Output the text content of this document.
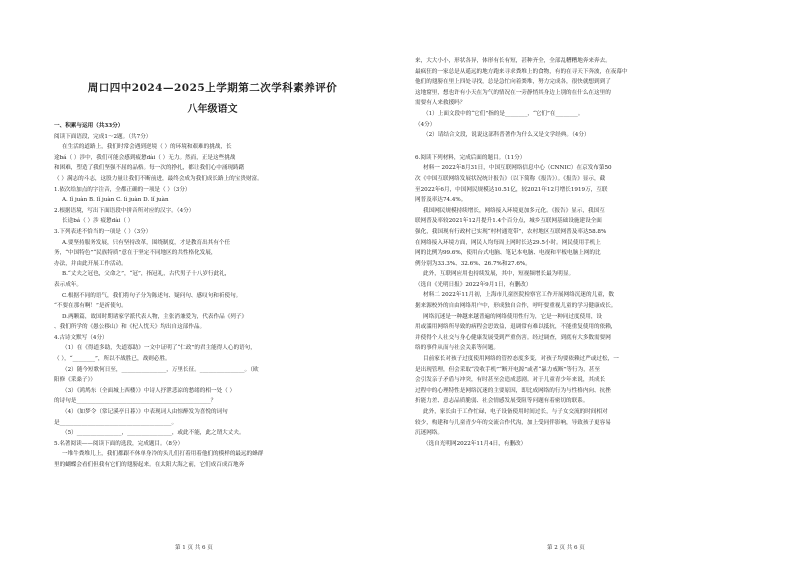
周口四中2024—2025上学期第二次学科素养评价
八年级语文
一、积累与运用（共33分）
阅读下面语段，完成1～2题。（共7分）
在生活的道路上，我们时常会遇到逆境（ ）的环境和艰难的挑战，长
途bá（ ）涉中，我们可能会感到疲惫dài（ ）无力。然而，正是这些挑战
和困难，塑造了我们坚强不屈的品格。每一次的挣扎，都让我们心中涌现踌躇
（ ）满志的斗志，这股力量让我们不断前进，最终会成为我们成长路上的宝贵财富。
1.依次给加点的字注音，全都正确的一项是（ ）（3分）
A. lǐ juàn B. lǐ juàn C. lì juàn D. lǐ juàn
2.根据语境，写出下面语段中拼音所对应的汉字。（4分）
长途bá（ ）涉 疲惫dài（ ）
3.下列表述不恰当的一项是（ ）（3分）
A.要坚持服务发展，只有坚持改革，围绕制度，才是教育出其有个任
务，“中国特色”“民族特质”意在于坚定不同地区的共性格化发展，
办法，并由此开展工作活动。
B.“丈夫之冠也，父命之”，“冠”，指冠礼，古代男子十八岁行此礼，
表示成年。
C.根据不同的语气，我们将句子分为陈述句、疑问句、感叹句和祈使句。
“不要在那有啊！”是祈使句。
D.两颗篇，故国时期诸家学派代表人物，主张消兼爱为，代表作品《列子》
、我们所学的《愚公移山》和《杞人忧天》均出自这部作品。
4.古诗文默写（4分）
（1）在《得道多助，失道寡助》一文中证明了“仁政”的君主能得人心的语句，
（ ），“________”，所以不战胜已，战则必胜。
（2）随今短歌何日至，________________，万里长征。________________。（欧
阳修《采桑子》）
（3）《鸿鸠东（全面城上西楼）》中诗人抒泄悲凉的愁绪的相一处（ ）
的诗句是________________________________________________？
（4）《如梦令（常记溪亭日暮）》中表现词人由惊醉发为喜悦的词句
是________________________________________。
（5）________________，________________，或此不能，此之谓大丈夫。
5.名著阅读——阅读下面的选段，完成题目。（8分）
一堆牛粪堆儿上，我们都跟不休单身冷的头儿们打着用着他们的模样的最远的蜂群
里的蝴蝶会看们但我有它们的翅膀起来。在太阳大海之前，它们成百成百地奔
第 1 页 共 6 页
来，大大小小，形状各异，体形有长有短，甚种齐全，全部乱糟糟地奔来奔去。
最疯狂的一家总是从遥远的地方跑来寻求粪堆上的食物，有的在寻天下奔波，在夜幕中
他们的翅膀在里上四处寻找，总是急忙向着粪堆，努力完成各，很快就想到到了
这地窟里，想也许有小天在为气的情况在一旁静悄其身边上别的在什么在这里的
需要有人来救援吗？
（1）上面文段中的“它们”指的是________，“它们”在________。
（4分）
（2）请结合文段，说说这部科普著作为什么又是文学经典。（4分）
6.阅读下列材料，完成后面的题目。（11分）
材料一 2022年8月31日，中国互联网络信息中心（CNNIC）在京发布第50
次《中国互联网络发展状况统计报告》（以下简称《报告》）。《报告》显示，截
至2022年6月，中国网民规模达10.51亿，较2021年12月增长1919万，互联
网普及率达74.4%。
我国网民规模持续增长，网络接入环境更加多元化。《报告》显示，我国互
联网普及率较2021年12月提升1.4个百分点，城乡互联网基础设施建设全面
强化，我国现有行政村已实现“村村通宽带”，农村地区互联网普及率达58.8%
在网络接入环境方面，网民人均每周上网时长达29.5小时。网民使用手机上
网的比例为99.6%，使用台式电脑、笔记本电脑、电视和平板电脑上网的比
例分别为33.3%、32.6%、26.7%和27.6%。
此外，互联网应用也持续发展，其中，短视频增长最为明显。
（选自《光明日报》2022年9月1日，有删改）
材料二 2022年11月初，上海市儿童医院检察官工作开展网络沉迷的儿童，数
据来源校外的自由网络用户中，形成独自合作，呼吁要重视儿童的学习健康成长。
网络沉迷是一种越来越普遍的网络使用性行为，它是一种同过度使用，设
用或滥用网络所导致的病程会思效益，退调常有难以抵抗，不能重复使用的依赖，
并使得个人社交与身心健康发展受到严重伤害。经过调查，到底有大多数需要网
络的事件从而与社会关系等问题。
目前家长对孩子过度使用网络的管控态度多变，对孩子均要依赖过严或过松，一
是出现管理，但会采取“没收手机”“断开电源”或者“暴力戒断”等行为，甚至
会引发亲子矛盾与冲突，有时甚至会造成悲剧。对于儿童青少年来说，其成长
过程中的心理特性是网络沉迷的主要原因，即比成网络的行为与性格内向、抗挫
折能力差、意志品质脆弱、社会情感发展受阻等问题有着密切的联系。
此外，家长由于工作忙碌，电子设备使用时间过长，与子女交流的时间相对
较少，构建和与儿童青少年的交流合作代沟，加上受同伴影响，导致孩子更容易
沉迷网络。
（选自光明网2022年11月4日，有删改）
第 2 页 共 6 页
